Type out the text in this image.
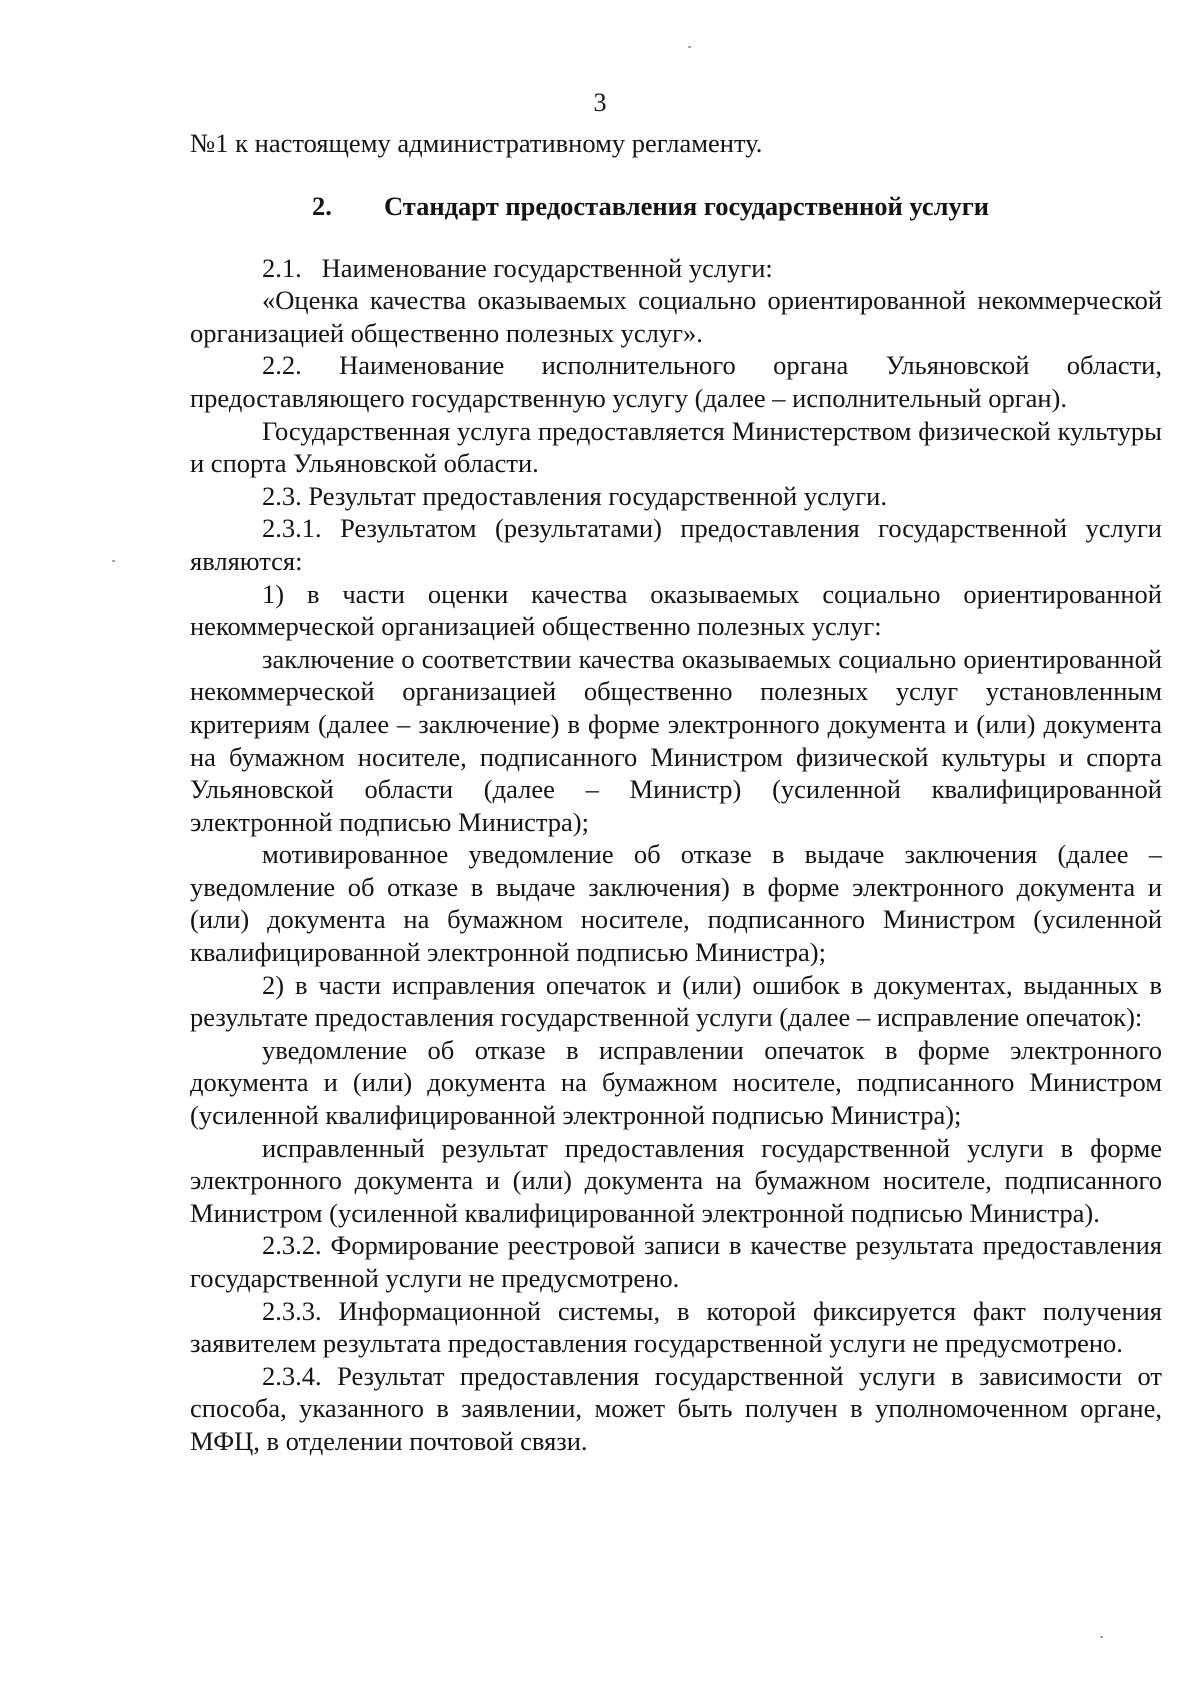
3

№1 к настоящему административному регламенту.

2. Стандарт предоставления государственной услуги

2.1.   Наименование государственной услуги:

«Оценка качества оказываемых социально ориентированной некоммерческой организацией общественно полезных услуг».

2.2. Наименование исполнительного органа Ульяновской области, предоставляющего государственную услугу (далее – исполнительный орган).

Государственная услуга предоставляется Министерством физической культуры и спорта Ульяновской области.

2.3. Результат предоставления государственной услуги.

2.3.1. Результатом (результатами) предоставления государственной услуги являются:

1) в части оценки качества оказываемых социально ориентированной некоммерческой организацией общественно полезных услуг:

заключение о соответствии качества оказываемых социально ориентированной некоммерческой организацией общественно полезных услуг установленным критериям (далее – заключение) в форме электронного документа и (или) документа на бумажном носителе, подписанного Министром физической культуры и спорта Ульяновской области (далее – Министр) (усиленной квалифицированной электронной подписью Министра);

мотивированное уведомление об отказе в выдаче заключения (далее – уведомление об отказе в выдаче заключения) в форме электронного документа и (или) документа на бумажном носителе, подписанного Министром (усиленной квалифицированной электронной подписью Министра);

2) в части исправления опечаток и (или) ошибок в документах, выданных в результате предоставления государственной услуги (далее – исправление опечаток):

уведомление об отказе в исправлении опечаток в форме электронного документа и (или) документа на бумажном носителе, подписанного Министром (усиленной квалифицированной электронной подписью Министра);

исправленный результат предоставления государственной услуги в форме электронного документа и (или) документа на бумажном носителе, подписанного Министром (усиленной квалифицированной электронной подписью Министра).

2.3.2. Формирование реестровой записи в качестве результата предоставления государственной услуги не предусмотрено.

2.3.3. Информационной системы, в которой фиксируется факт получения заявителем результата предоставления государственной услуги не предусмотрено.

2.3.4. Результат предоставления государственной услуги в зависимости от способа, указанного в заявлении, может быть получен в уполномоченном органе, МФЦ, в отделении почтовой связи.
